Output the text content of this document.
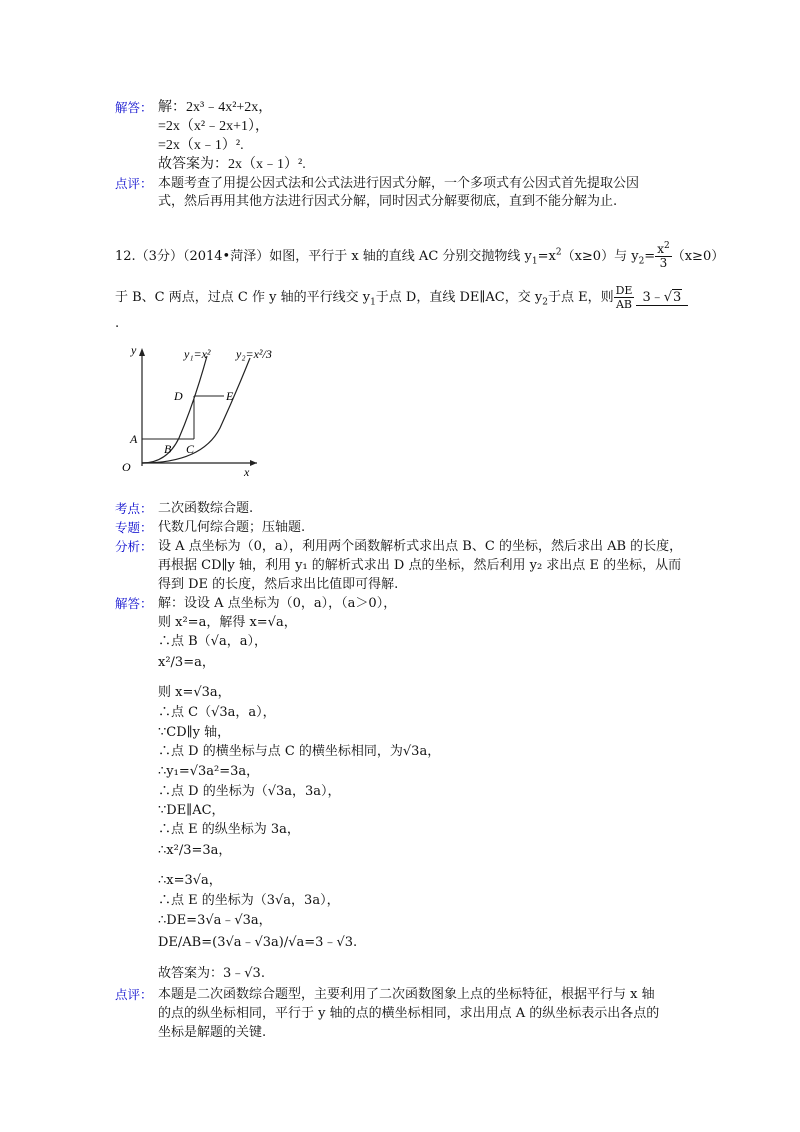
解答： 解：2x³﹣4x²+2x，
=2x（x²﹣2x+1），
=2x（x﹣1）².
故答案为：2x（x﹣1）².
点评： 本题考查了用提公因式法和公式法进行因式分解，一个多项式有公因式首先提取公因
式，然后再用其他方法进行因式分解，同时因式分解要彻底，直到不能分解为止.
12.（3分）（2014•菏泽）如图，平行于 x 轴的直线 AC 分别交抛物线 $y_1=x^2(x\ge 0)$与 $y_2= \frac{x^2}{3} (x\ge 0)$
于 B、C 两点，过点 C 作 y 轴的平行线交 $y_1$于点 D，直线 DE∥AC，交 $y_2$于点 E，则 $\frac{DE}{AB}$ 3﹣√3
.
y
x
O
A
B C
D	E
y₁=x² y₂=x²/3
考点： 二次函数综合题.
专题： 代数几何综合题；压轴题.
分析： 设 A 点坐标为（0，a），利用两个函数解析式求出点 B、C 的坐标，然后求出 AB 的长度，
再根据 CD∥y 轴，利用 y₁ 的解析式求出 D 点的坐标，然后利用 y₂ 求出点 E 的坐标，从而
得到 DE 的长度，然后求出比值即可得解.
解答： 解：设设 A 点坐标为（0，a），（a＞0），
则 x²=a，解得 x=√a，
∴点 B（√a，a），
x²/3=a，
则 x=√3a，
∴点 C（√3a，a），
∵CD∥y 轴，
∴点 D 的横坐标与点 C 的横坐标相同，为√3a，
∴y₁=√3a²=3a，
∴点 D 的坐标为（√3a，3a），
∵DE∥AC，
∴点 E 的纵坐标为 3a，
∴x²/3=3a，
∴x=3√a，
∴点 E 的坐标为（3√a，3a），
∴DE=3√a﹣√3a，
DE/AB=(3√a﹣√3a)/√a=3﹣√3.
故答案为：3﹣√3.
点评： 本题是二次函数综合题型，主要利用了二次函数图象上点的坐标特征，根据平行与 x 轴
的点的纵坐标相同，平行于 y 轴的点的横坐标相同，求出用点 A 的纵坐标表示出各点的
坐标是解题的关键.
